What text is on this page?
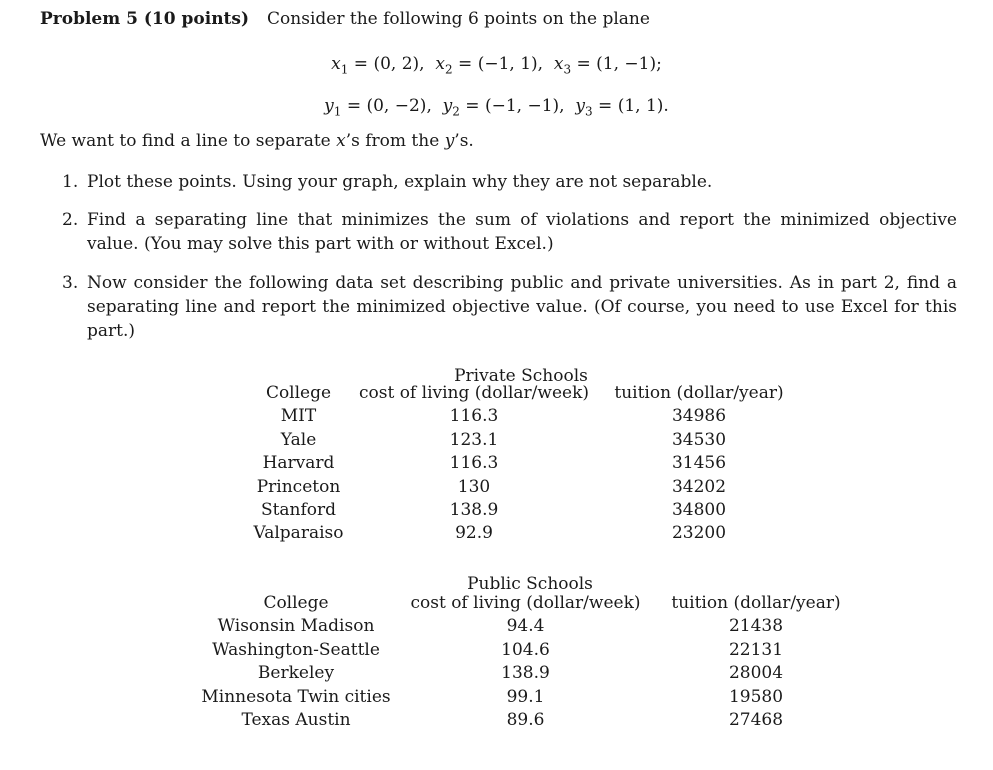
Problem 5 (10 points) Consider the following 6 points on the plane
$x_1 = (0$, 2),  $x_2 = (-1$, 1),  $x_3 = (1$, −1);
$y_1 = (0$, −2),  $y_2 = (-1$, −1),  $y_3 = (1$, 1).
We want to find a line to separate x’s from the y’s.
1. Plot these points. Using your graph, explain why they are not separable.
2. Find a separating line that minimizes the sum of violations and report the minimized objective value. (You may solve this part with or without Excel.)
3. Now consider the following data set describing public and private universities. As in part 2, find a separating line and report the minimized objective value. (Of course, you need to use Excel for this part.)
Private Schools
College	cost of living (dollar/week)	tuition (dollar/year)
MIT	116.3	34986
Yale	123.1	34530
Harvard	116.3	31456
Princeton	130	34202
Stanford	138.9	34800
Valparaiso	92.9	23200
Public Schools
College	cost of living (dollar/week)	tuition (dollar/year)
Wisonsin Madison	94.4	21438
Washington-Seattle	104.6	22131
Berkeley	138.9	28004
Minnesota Twin cities	99.1	19580
Texas Austin	89.6	27468
